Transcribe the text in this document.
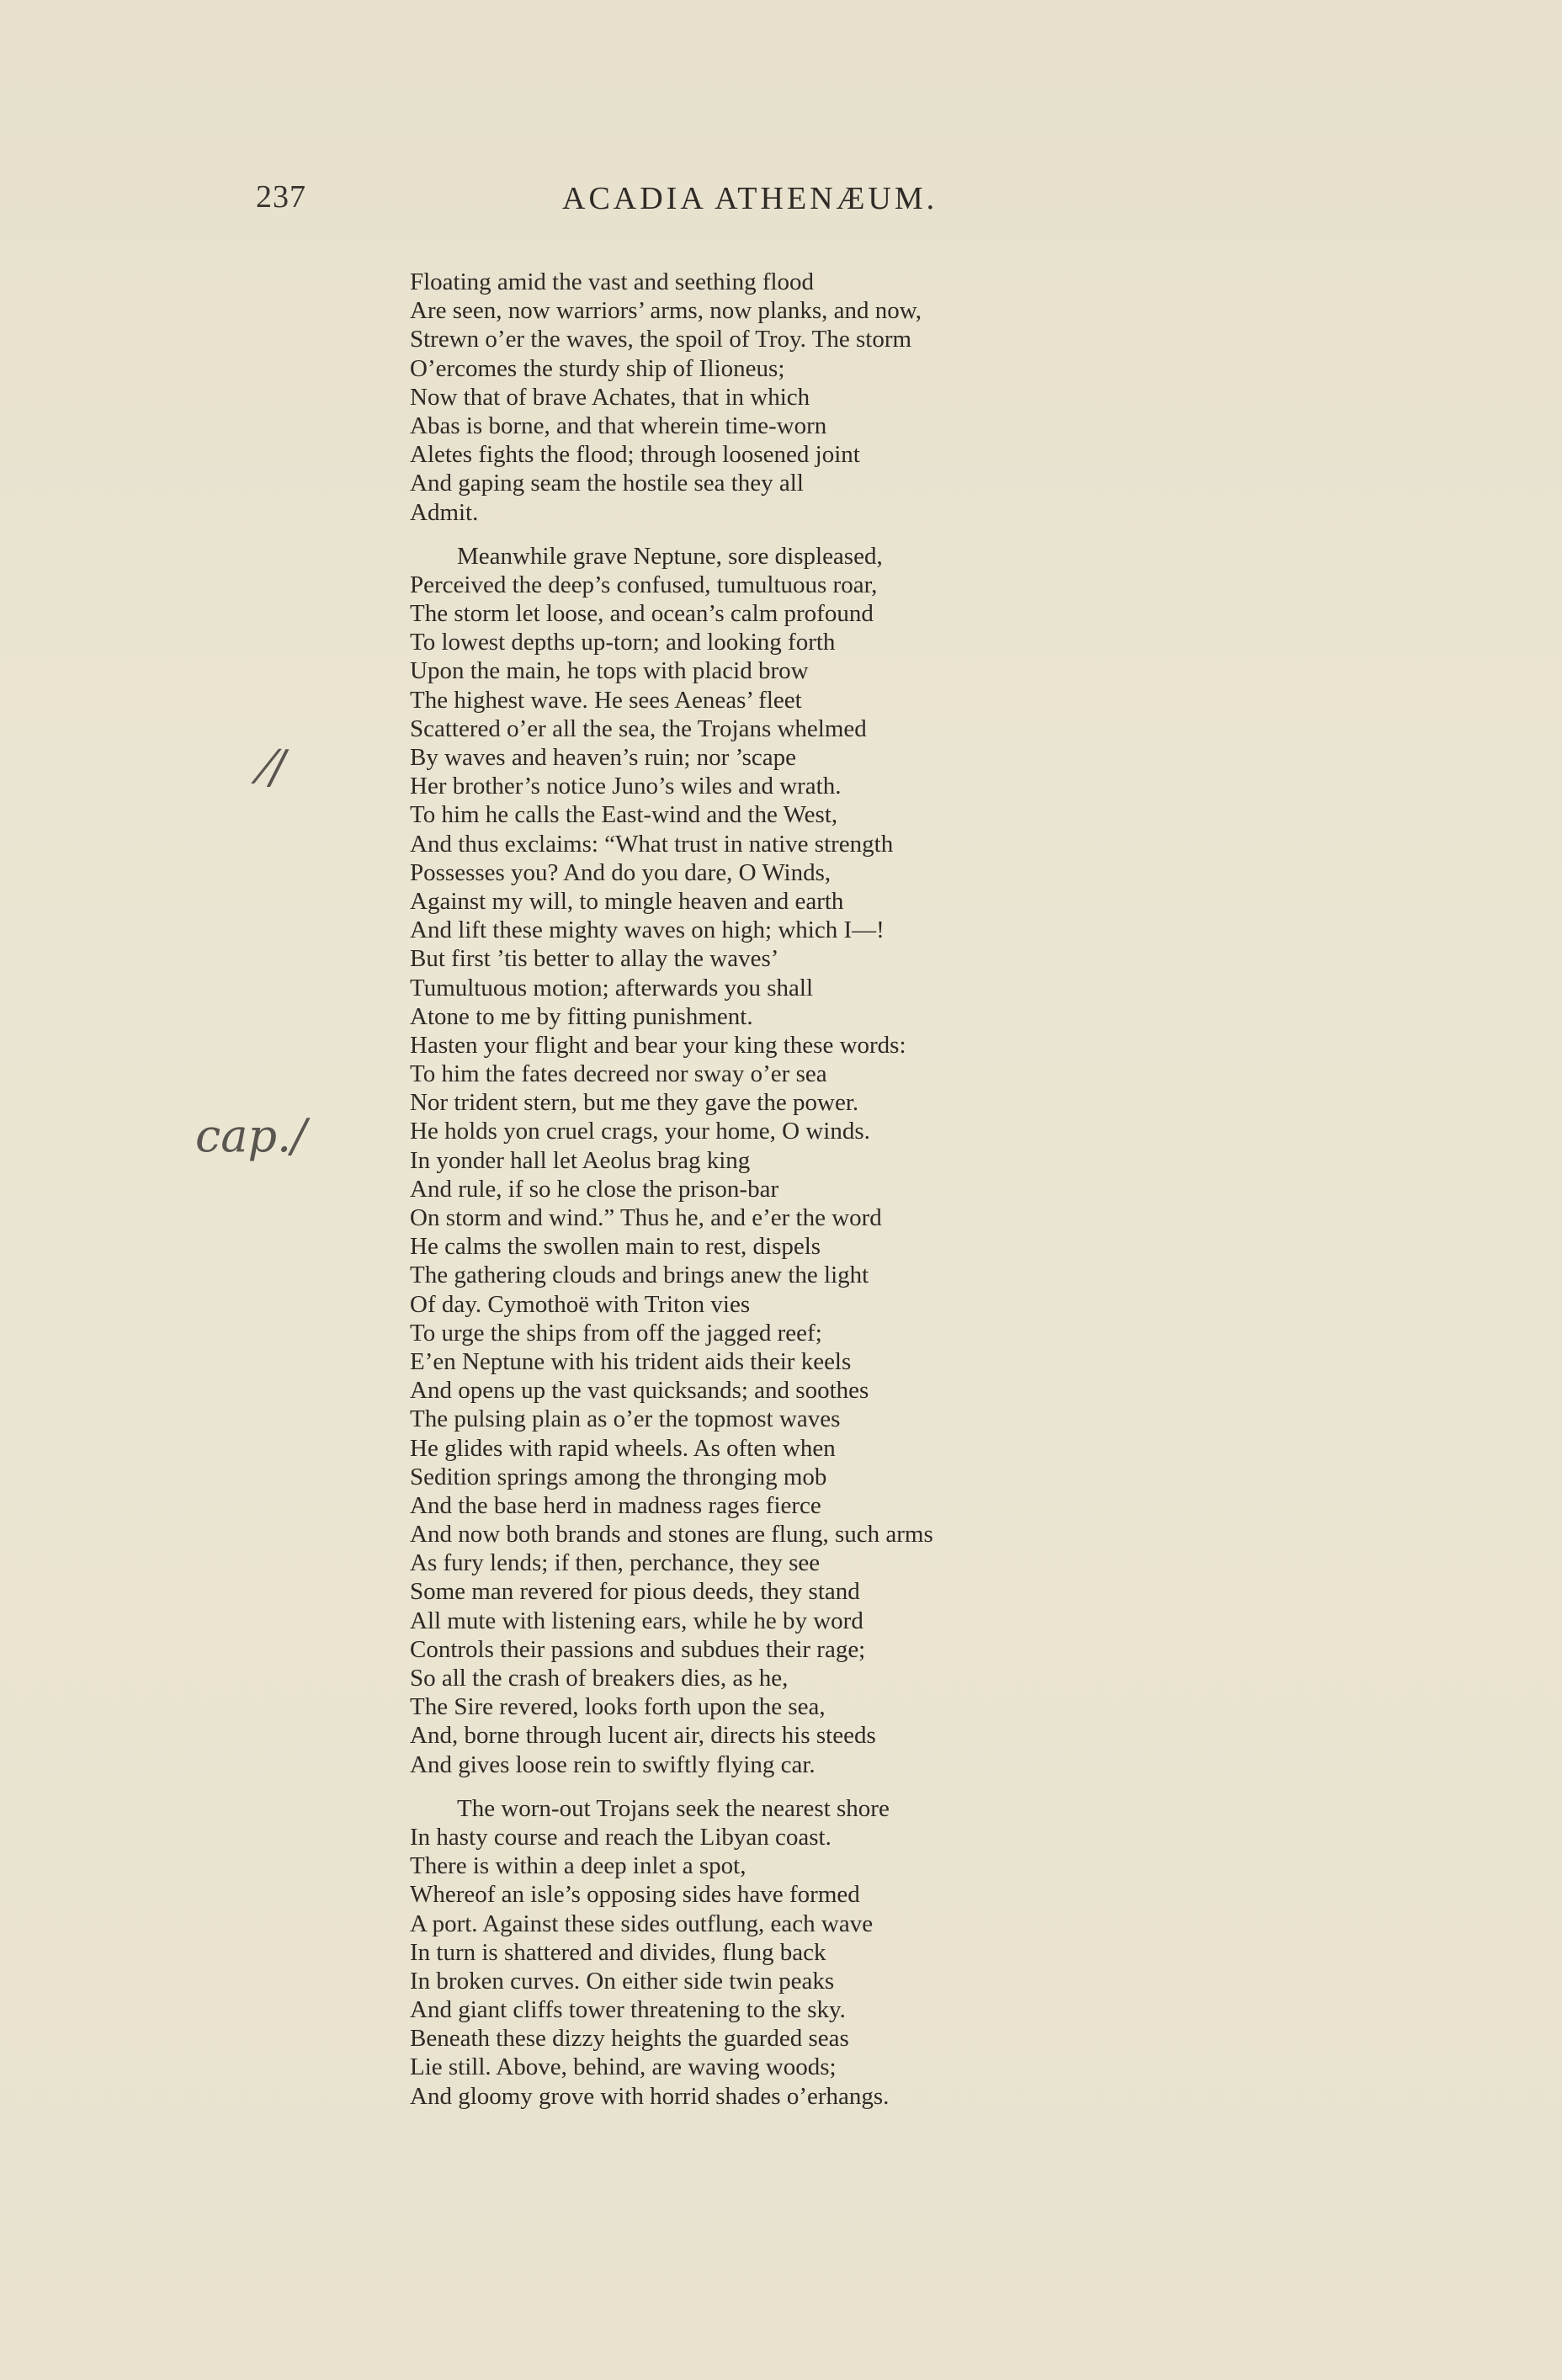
237	ACADIA ATHENÆUM.
⁄/
cap./
Floating amid the vast and seething flood
Are seen, now warriors’ arms, now planks, and now,
Strewn o’er the waves, the spoil of Troy. The storm
O’ercomes the sturdy ship of Ilioneus;
Now that of brave Achates, that in which
Abas is borne, and that wherein time-worn
Aletes fights the flood; through loosened joint
And gaping seam the hostile sea they all
Admit.
Meanwhile grave Neptune, sore displeased,
Perceived the deep’s confused, tumultuous roar,
The storm let loose, and ocean’s calm profound
To lowest depths up-torn; and looking forth
Upon the main, he tops with placid brow
The highest wave. He sees Aeneas’ fleet
Scattered o’er all the sea, the Trojans whelmed
By waves and heaven’s ruin; nor ’scape
Her brother’s notice Juno’s wiles and wrath.
To him he calls the East-wind and the West,
And thus exclaims: “What trust in native strength
Possesses you? And do you dare, O Winds,
Against my will, to mingle heaven and earth
And lift these mighty waves on high; which I—!
But first ’tis better to allay the waves’
Tumultuous motion; afterwards you shall
Atone to me by fitting punishment.
Hasten your flight and bear your king these words:
To him the fates decreed nor sway o’er sea
Nor trident stern, but me they gave the power.
He holds yon cruel crags, your home, O winds.
In yonder hall let Aeolus brag king
And rule, if so he close the prison-bar
On storm and wind.” Thus he, and e’er the word
He calms the swollen main to rest, dispels
The gathering clouds and brings anew the light
Of day. Cymothoë with Triton vies
To urge the ships from off the jagged reef;
E’en Neptune with his trident aids their keels
And opens up the vast quicksands; and soothes
The pulsing plain as o’er the topmost waves
He glides with rapid wheels. As often when
Sedition springs among the thronging mob
And the base herd in madness rages fierce
And now both brands and stones are flung, such arms
As fury lends; if then, perchance, they see
Some man revered for pious deeds, they stand
All mute with listening ears, while he by word
Controls their passions and subdues their rage;
So all the crash of breakers dies, as he,
The Sire revered, looks forth upon the sea,
And, borne through lucent air, directs his steeds
And gives loose rein to swiftly flying car.
The worn-out Trojans seek the nearest shore
In hasty course and reach the Libyan coast.
There is within a deep inlet a spot,
Whereof an isle’s opposing sides have formed
A port. Against these sides outflung, each wave
In turn is shattered and divides, flung back
In broken curves. On either side twin peaks
And giant cliffs tower threatening to the sky.
Beneath these dizzy heights the guarded seas
Lie still. Above, behind, are waving woods;
And gloomy grove with horrid shades o’erhangs.
